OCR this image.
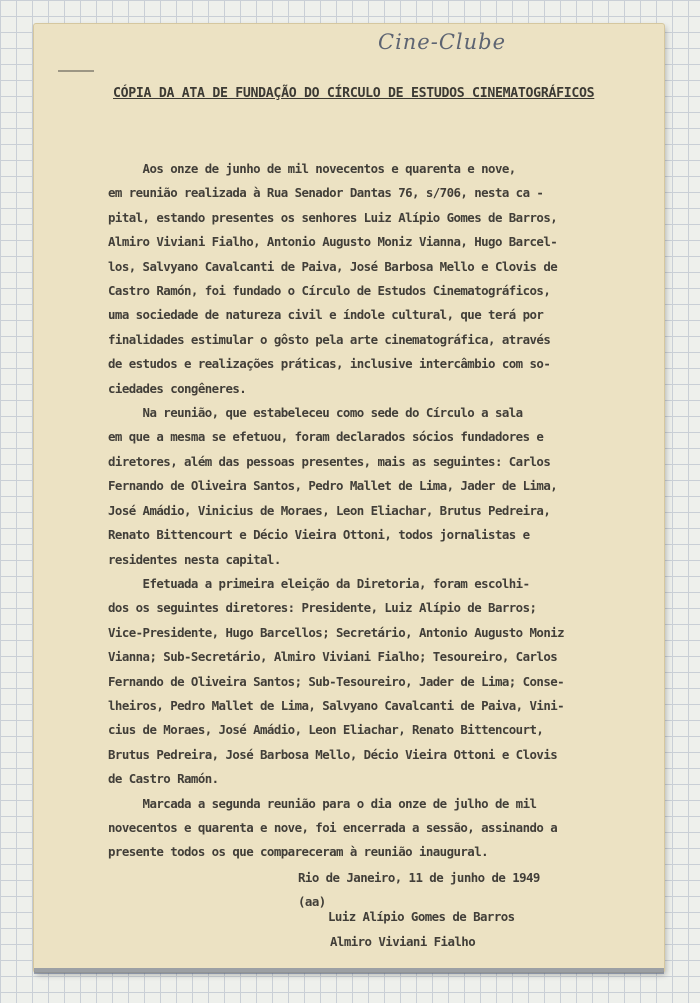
Cine-Clube
CÓPIA DA ATA DE FUNDAÇÃO DO CÍRCULO DE ESTUDOS CINEMATOGRÁFICOS
Aos onze de junho de mil novecentos e quarenta e nove,
em reunião realizada à Rua Senador Dantas 76, s/706, nesta ca -
pital, estando presentes os senhores Luiz Alípio Gomes de Barros,
Almiro Viviani Fialho, Antonio Augusto Moniz Vianna, Hugo Barcel-
los, Salvyano Cavalcanti de Paiva, José Barbosa Mello e Clovis de
Castro Ramón, foi fundado o Círculo de Estudos Cinematográficos,
uma sociedade de natureza civil e índole cultural, que terá por
finalidades estimular o gôsto pela arte cinematográfica, através
de estudos e realizações práticas, inclusive intercâmbio com so-
ciedades congêneres.
Na reunião, que estabeleceu como sede do Círculo a sala
em que a mesma se efetuou, foram declarados sócios fundadores e
diretores, além das pessoas presentes, mais as seguintes: Carlos
Fernando de Oliveira Santos, Pedro Mallet de Lima, Jader de Lima,
José Amádio, Vinicius de Moraes, Leon Eliachar, Brutus Pedreira,
Renato Bittencourt e Décio Vieira Ottoni, todos jornalistas e
residentes nesta capital.
Efetuada a primeira eleição da Diretoria, foram escolhi-
dos os seguintes diretores: Presidente, Luiz Alípio de Barros;
Vice-Presidente, Hugo Barcellos; Secretário, Antonio Augusto Moniz
Vianna; Sub-Secretário, Almiro Viviani Fialho; Tesoureiro, Carlos
Fernando de Oliveira Santos; Sub-Tesoureiro, Jader de Lima; Conse-
lheiros, Pedro Mallet de Lima, Salvyano Cavalcanti de Paiva, Vini-
cius de Moraes, José Amádio, Leon Eliachar, Renato Bittencourt,
Brutus Pedreira, José Barbosa Mello, Décio Vieira Ottoni e Clovis
de Castro Ramón.
Marcada a segunda reunião para o dia onze de julho de mil
novecentos e quarenta e nove, foi encerrada a sessão, assinando a
presente todos os que compareceram à reunião inaugural.
Rio de Janeiro, 11 de junho de 1949
(aa)
Luiz Alípio Gomes de Barros
Almiro Viviani Fialho
